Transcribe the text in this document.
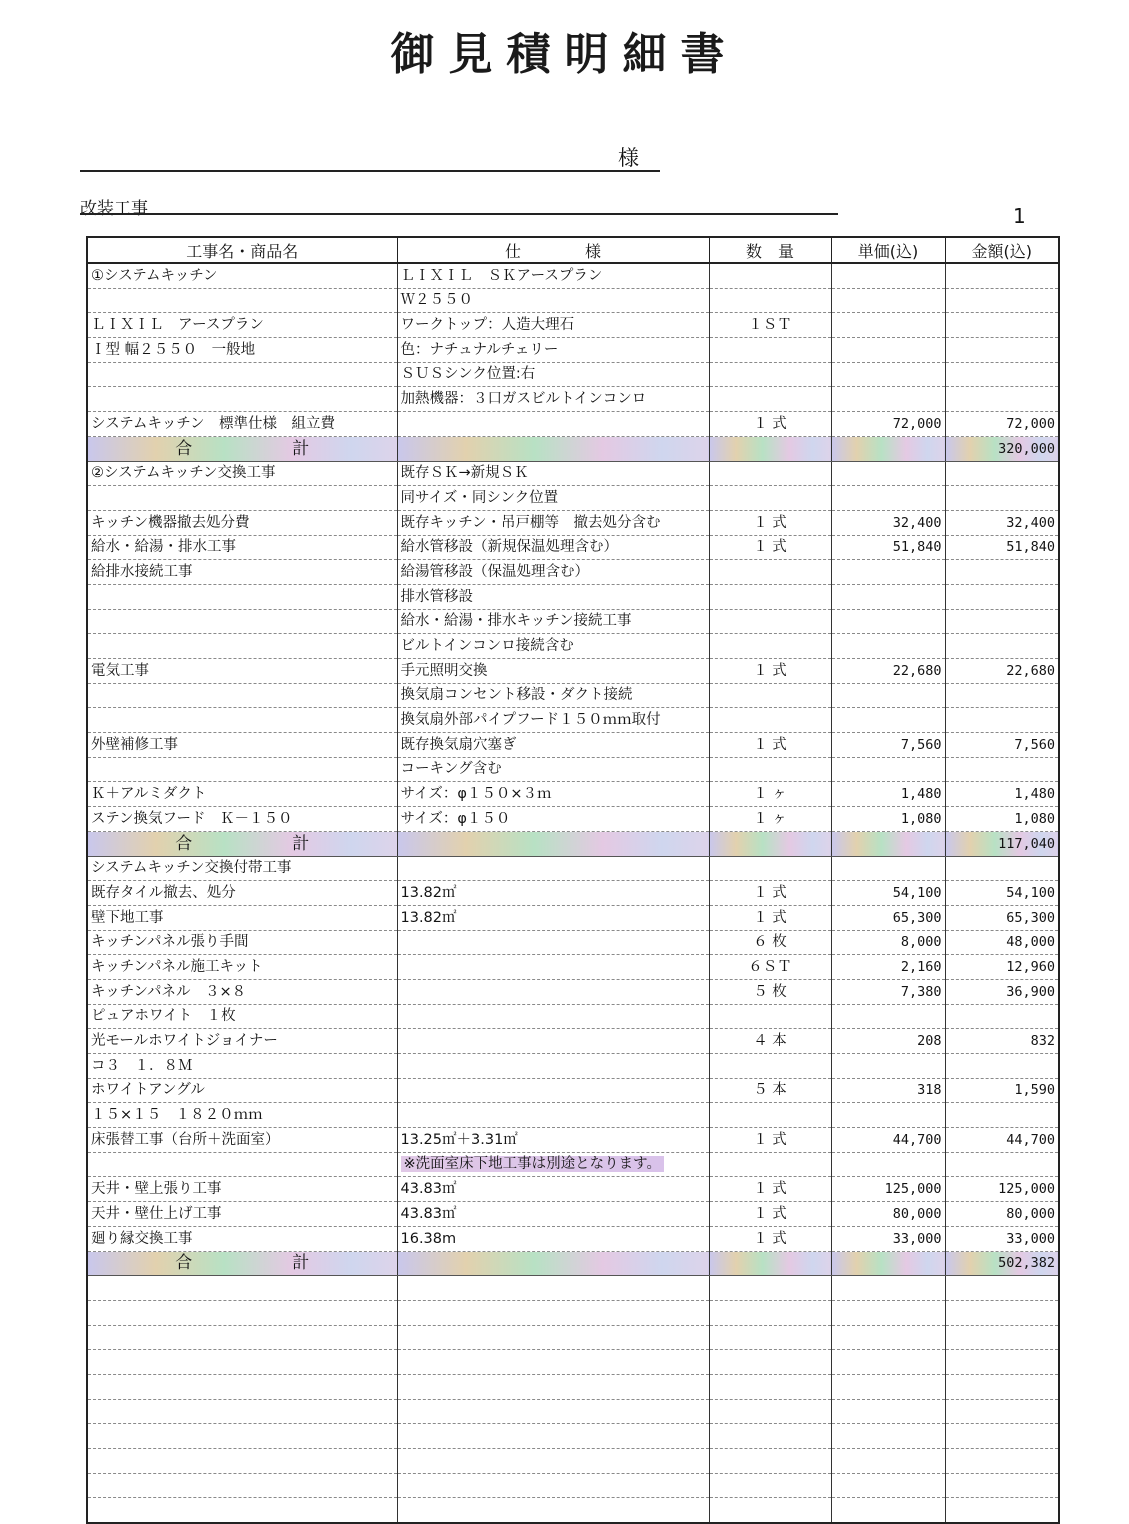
御見積明細書
様
改装工事	1
工事名・商品名	仕　　　　様	数　量	単価(込)	金額(込)
①システムキッチン	ＬＩＸＩＬ　ＳＫアースプラン			
	Ｗ２５５０			
ＬＩＸＩＬ　アースプラン	ワークトップ：人造大理石	１ＳＴ		
Ｉ型 幅２５５０　一般地	色：ナチュナルチェリー			
	ＳＵＳシンク位置:右			
	加熱機器：３口ガスビルトインコンロ			
システムキッチン　標準仕様　組立費		１ 式	72,000	72,000
合 計				320,000
②システムキッチン交換工事	既存ＳＫ→新規ＳＫ			
	同サイズ・同シンク位置			
キッチン機器撤去処分費	既存キッチン・吊戸棚等　撤去処分含む	１ 式	32,400	32,400
給水・給湯・排水工事	給水管移設（新規保温処理含む）	１ 式	51,840	51,840
給排水接続工事	給湯管移設（保温処理含む）			
	排水管移設			
	給水・給湯・排水キッチン接続工事			
	ビルトインコンロ接続含む			
電気工事	手元照明交換	１ 式	22,680	22,680
	換気扇コンセント移設・ダクト接続			
	換気扇外部パイプフード１５０ｍｍ取付			
外壁補修工事	既存換気扇穴塞ぎ	１ 式	7,560	7,560
	コーキング含む			
Ｋ＋アルミダクト	サイズ：φ１５０×３ｍ	１ ヶ	1,480	1,480
ステン換気フード　Ｋ－１５０	サイズ：φ１５０	１ ヶ	1,080	1,080
合 計				117,040
システムキッチン交換付帯工事				
既存タイル撤去、処分	13.82㎡	１ 式	54,100	54,100
壁下地工事	13.82㎡	１ 式	65,300	65,300
キッチンパネル張り手間		６ 枚	8,000	48,000
キッチンパネル施工キット		６ＳＴ	2,160	12,960
キッチンパネル　３×８		５ 枚	7,380	36,900
ピュアホワイト　１枚				
光モールホワイトジョイナー		４ 本	208	832
コ３　１．８Ｍ				
ホワイトアングル		５ 本	318	1,590
１５×１５　１８２０ｍｍ				
床張替工事（台所＋洗面室）	13.25㎡＋3.31㎡	１ 式	44,700	44,700
	※洗面室床下地工事は別途となります。			
天井・壁上張り工事	43.83㎡	１ 式	125,000	125,000
天井・壁仕上げ工事	43.83㎡	１ 式	80,000	80,000
廻り縁交換工事	16.38m	１ 式	33,000	33,000
合 計				502,382
